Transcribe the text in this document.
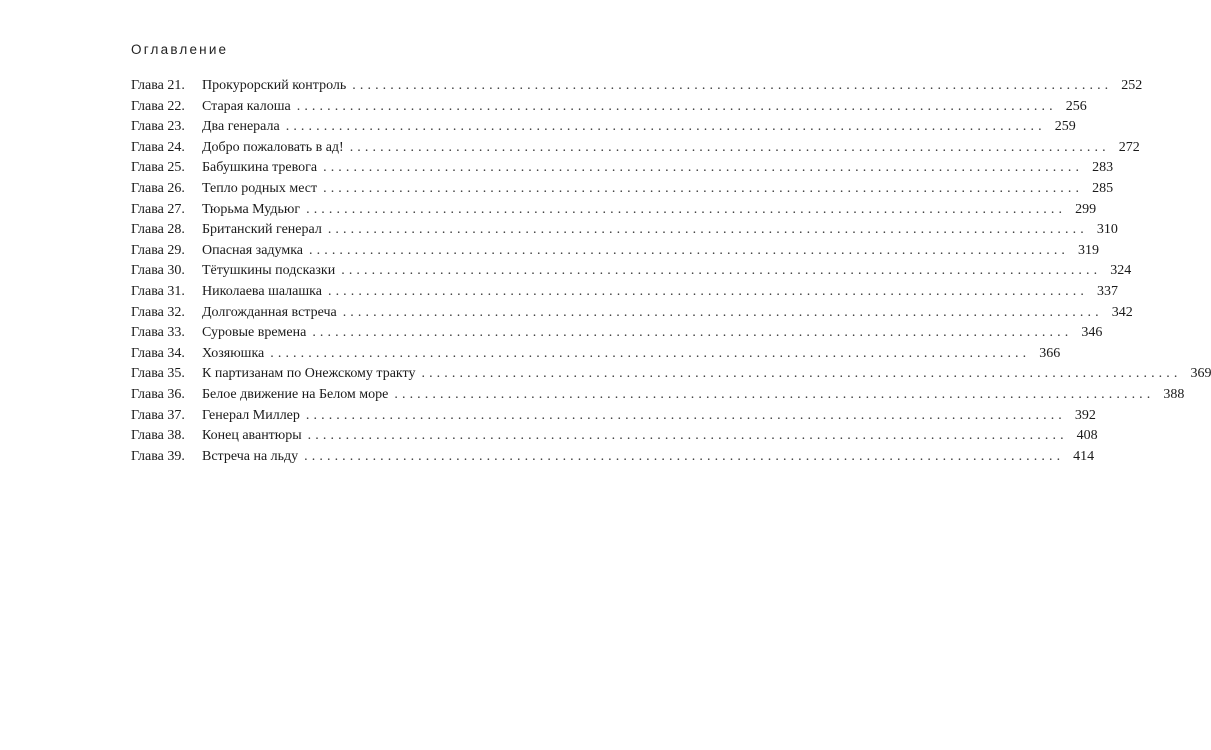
Оглавление
Глава 21. Прокурорский контроль .................................................................................................... 252
Глава 22. Старая калоша .................................................................................................... 256
Глава 23. Два генерала .................................................................................................... 259
Глава 24. Добро пожаловать в ад! .................................................................................................... 272
Глава 25. Бабушкина тревога .................................................................................................... 283
Глава 26. Тепло родных мест .................................................................................................... 285
Глава 27. Тюрьма Мудьюг .................................................................................................... 299
Глава 28. Британский генерал .................................................................................................... 310
Глава 29. Опасная задумка .................................................................................................... 319
Глава 30. Тётушкины подсказки .................................................................................................... 324
Глава 31. Николаева шалашка .................................................................................................... 337
Глава 32. Долгожданная встреча .................................................................................................... 342
Глава 33. Суровые времена .................................................................................................... 346
Глава 34. Хозяюшка .................................................................................................... 366
Глава 35. К партизанам по Онежскому тракту .................................................................................................... 369
Глава 36. Белое движение на Белом море .................................................................................................... 388
Глава 37. Генерал Миллер .................................................................................................... 392
Глава 38. Конец авантюры .................................................................................................... 408
Глава 39. Встреча на льду .................................................................................................... 414
